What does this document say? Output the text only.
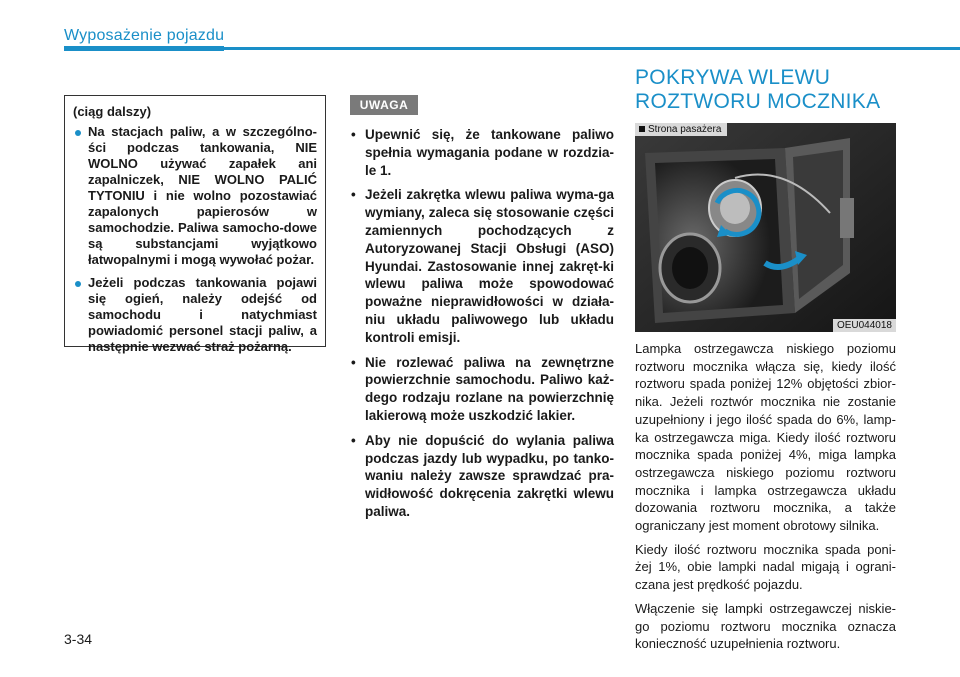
Wyposażenie pojazdu
(ciąg dalszy)
Na stacjach paliw, a w szczególno-ści podczas tankowania, NIE WOLNO używać zapałek ani zapalniczek, NIE WOLNO PALIĆ TYTONIU i nie wolno pozostawiać zapalonych papierosów w samochodzie. Paliwa samocho-dowe są substancjami wyjątkowo łatwopalnymi i mogą wywołać pożar.
Jeżeli podczas tankowania pojawi się ogień, należy odejść od samochodu i natychmiast powiadomić personel stacji paliw, a następnie wezwać straż pożarną.
UWAGA
• Upewnić się, że tankowane paliwo spełnia wymagania podane w rozdzia-le 1.
• Jeżeli zakrętka wlewu paliwa wyma-ga wymiany, zaleca się stosowanie części zamiennych pochodzących z Autoryzowanej Stacji Obsługi (ASO) Hyundai. Zastosowanie innej zakręt-ki wlewu paliwa może spowodować poważne nieprawidłowości w działa-niu układu paliwowego lub układu kontroli emisji.
• Nie rozlewać paliwa na zewnętrzne powierzchnie samochodu. Paliwo każ-dego rodzaju rozlane na powierzchnię lakierową może uszkodzić lakier.
• Aby nie dopuścić do wylania paliwa podczas jazdy lub wypadku, po tanko-waniu należy zawsze sprawdzać pra-widłowość dokręcenia zakrętki wlewu paliwa.
POKRYWA WLEWU
ROZTWORU MOCZNIKA
Strona pasażera
OEU044018

Lampka ostrzegawcza niskiego poziomu roztworu mocznika włącza się, kiedy ilość roztworu spada poniżej 12% objętości zbior-nika. Jeżeli roztwór mocznika nie zostanie uzupełniony i jego ilość spada do 6%, lamp-ka ostrzegawcza miga. Kiedy ilość roztworu mocznika spada poniżej 4%, miga lampka ostrzegawcza niskiego poziomu roztworu mocznika i lampka ostrzegawcza układu dozowania roztworu mocznika, a także ograniczany jest moment obrotowy silnika.

Kiedy ilość roztworu mocznika spada poni-żej 1%, obie lampki nadal migają i ograni-czana jest prędkość pojazdu.

Włączenie się lampki ostrzegawczej niskie-go poziomu roztworu mocznika oznacza konieczność uzupełnienia roztworu.

3-34
